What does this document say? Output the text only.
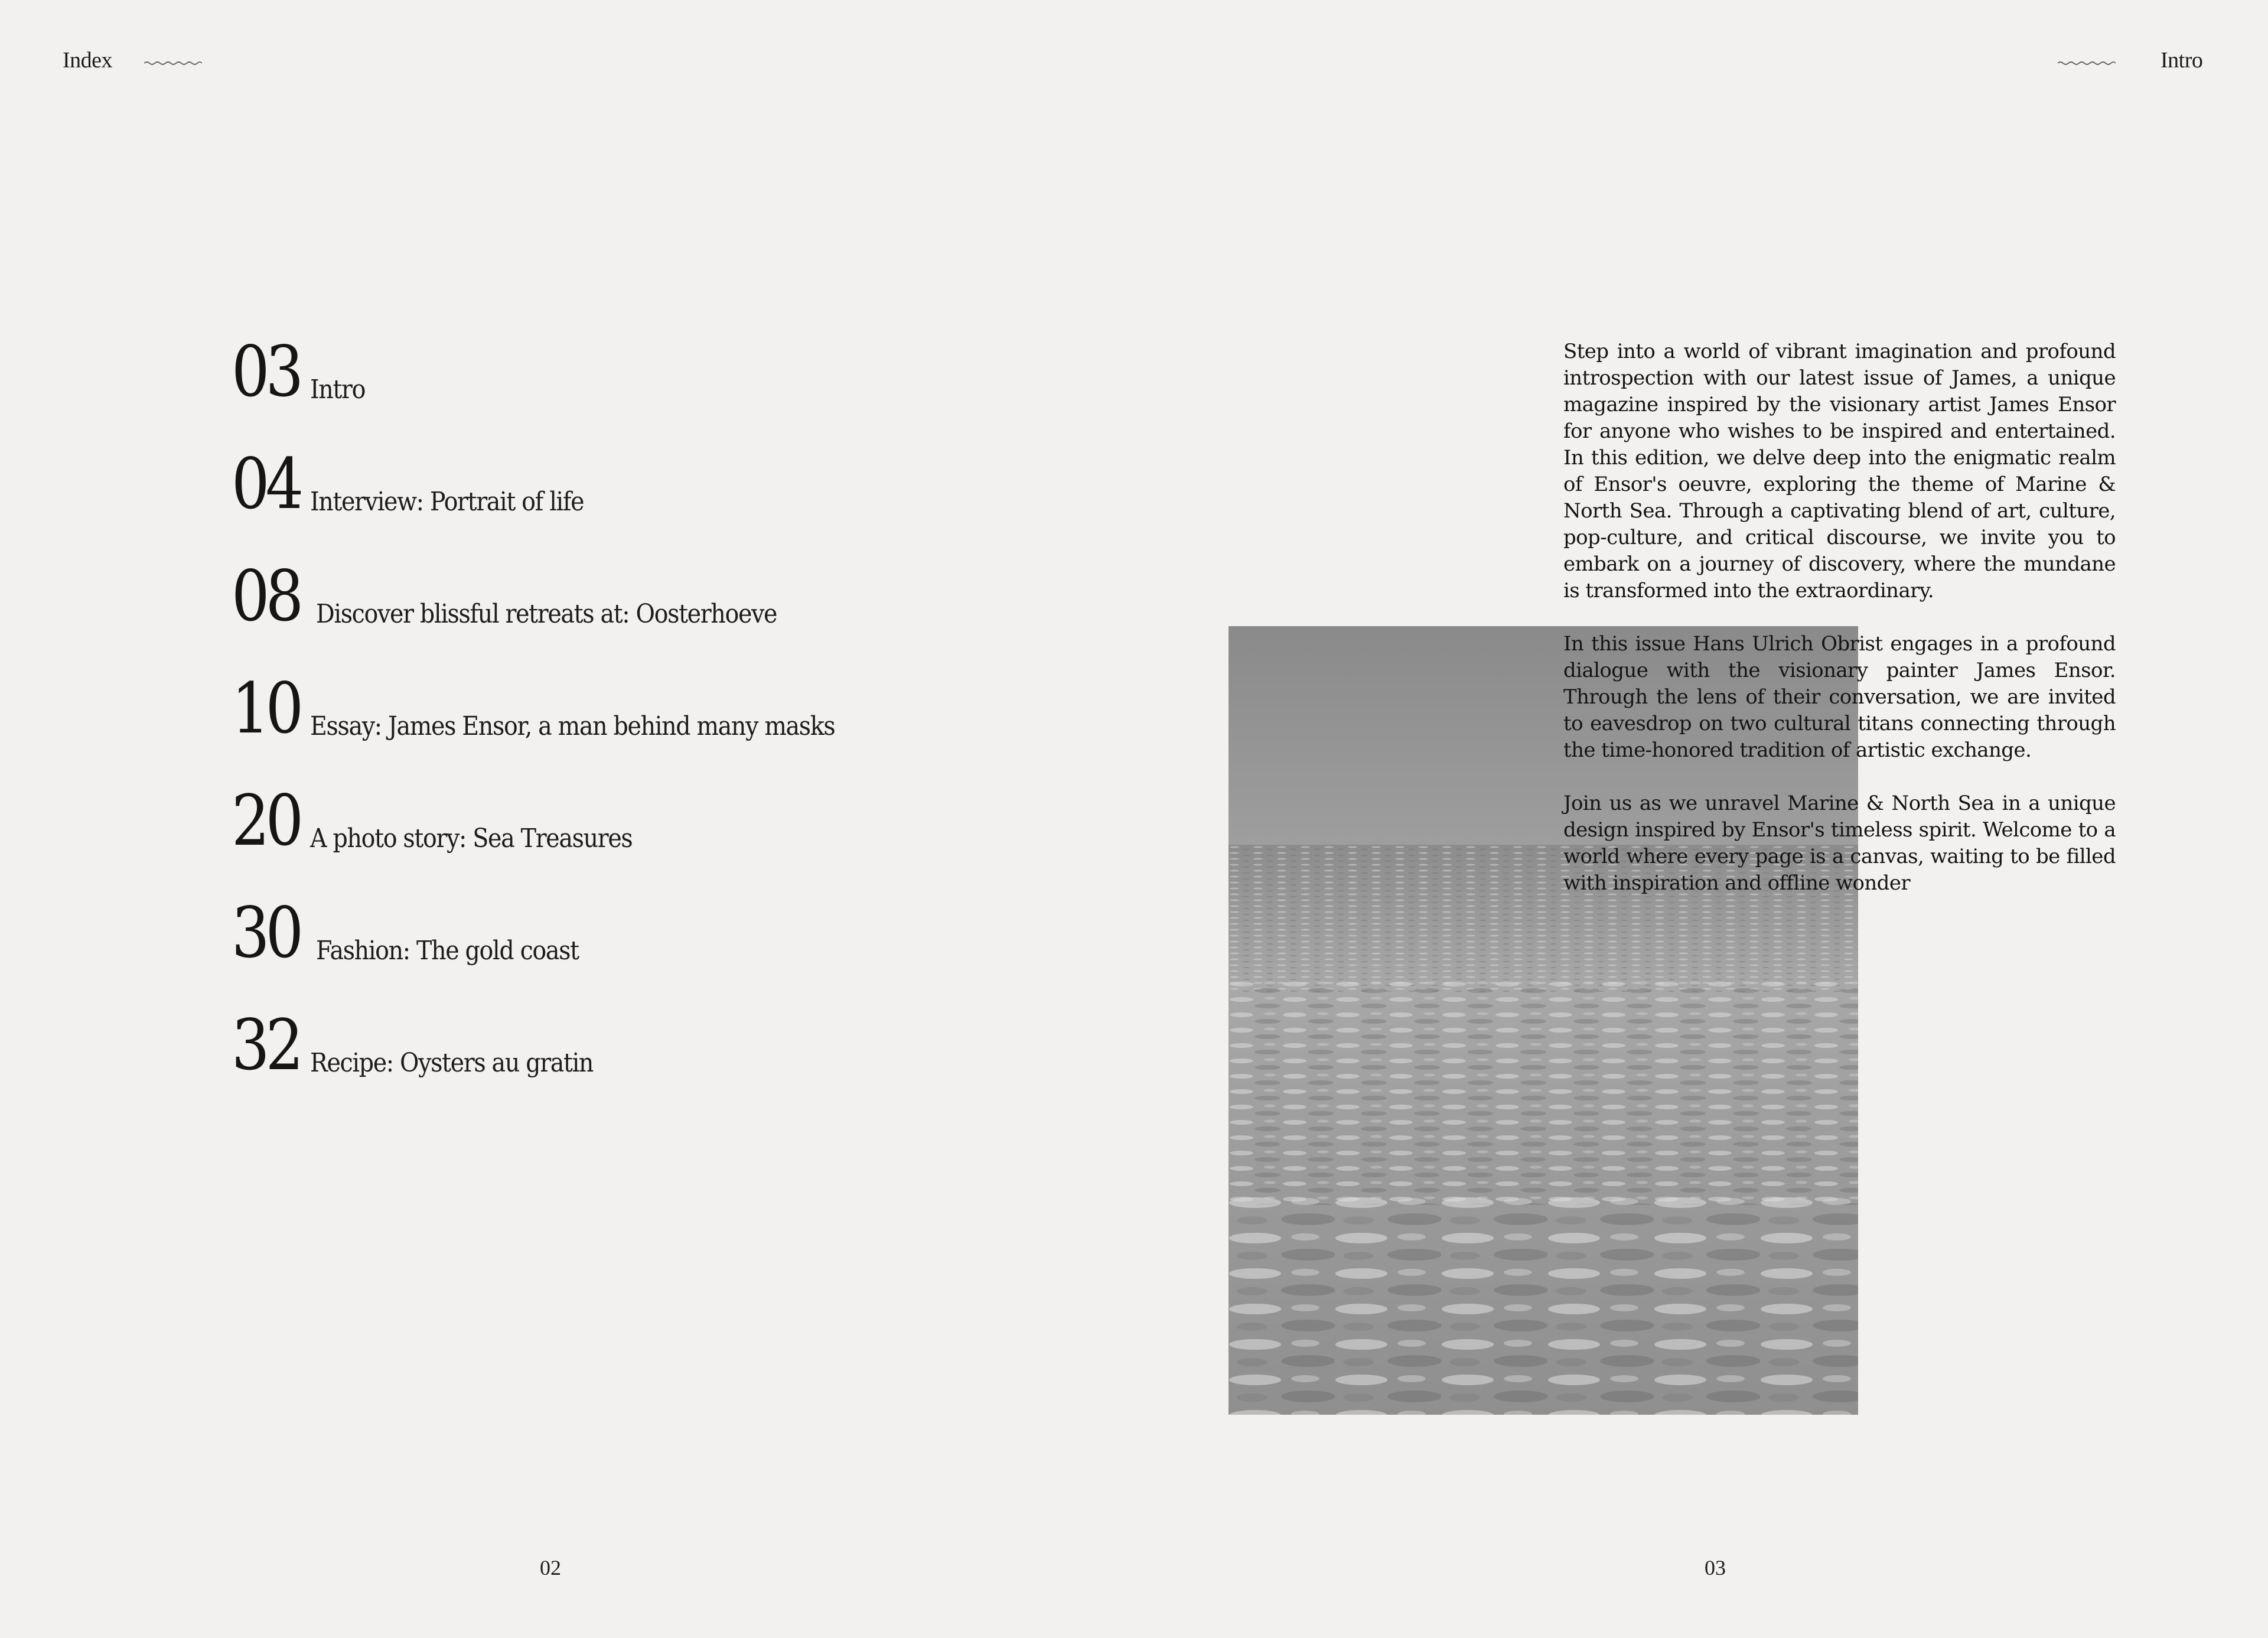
Index
03 Intro
04 Interview: Portrait of life
08 Discover blissful retreats at: Oosterhoeve
10 Essay: James Ensor, a man behind many masks
20 A photo story: Sea Treasures
30 Fashion: The gold coast
32 Recipe: Oysters au gratin
02
Intro
03

Step into a world of vibrant imagination and profound introspection with our latest issue of James, a unique magazine inspired by the visionary artist James Ensor for anyone who wishes to be inspired and entertained. In this edition, we delve deep into the enigmatic realm of Ensor's oeuvre, exploring the theme of Marine & North Sea. Through a captivating blend of art, culture, pop-culture, and critical discourse, we invite you to embark on a journey of discovery, where the mundane is transformed into the extraordinary.

In this issue Hans Ulrich Obrist engages in a profound dialogue with the visionary painter James Ensor. Through the lens of their conversation, we are invited to eavesdrop on two cultural titans connecting through the time-honored tradition of artistic exchange.

Join us as we unravel Marine & North Sea in a unique design inspired by Ensor's timeless spirit. Welcome to a world where every page is a canvas, waiting to be filled with inspiration and offline wonder
